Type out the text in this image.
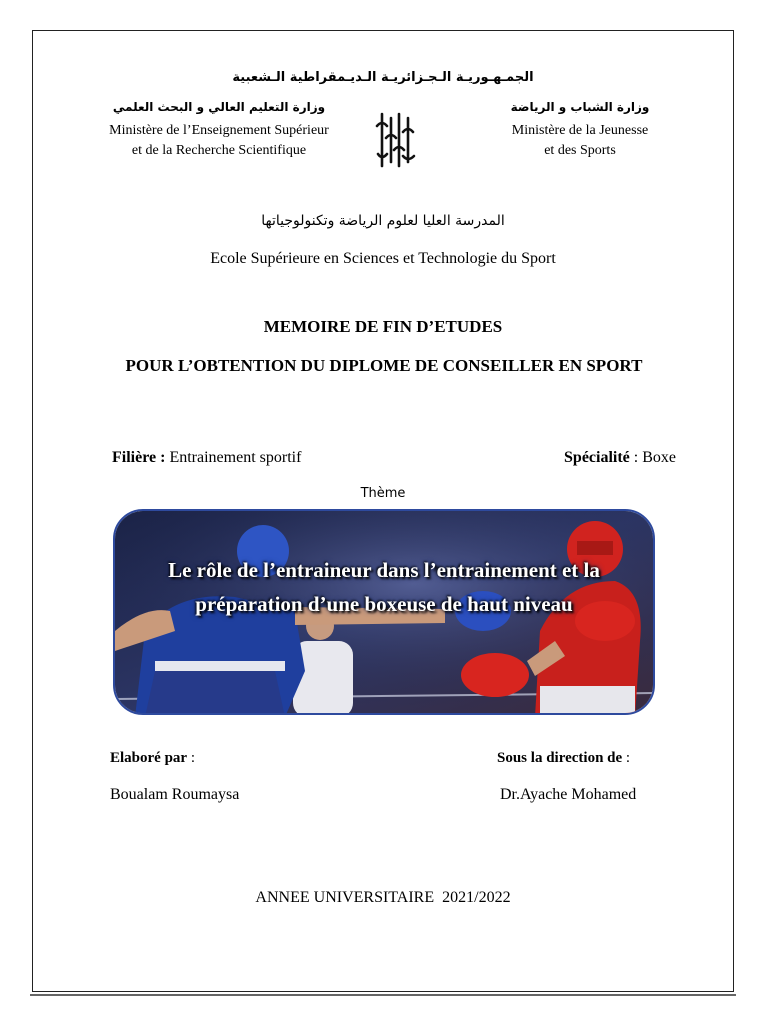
الجمـهـوريـة الـجـزائريـة الـديـمقراطية الـشعبية
وزارة التعليم العالي و البحث العلمي
Ministère de l’Enseignement Supérieur
et de la Recherche Scientifique
وزارة الشباب و الرياضة
Ministère de la Jeunesse
et des Sports
المدرسة العليا لعلوم الرياضة وتكنولوجياتها
Ecole Supérieure en Sciences et Technologie du Sport
MEMOIRE DE FIN D’ETUDES
POUR L’OBTENTION DU DIPLOME DE CONSEILLER EN SPORT
Filière : Entrainement sportif	Spécialité : Boxe
Thème
Le rôle de l’entraineur dans l’entrainement et la préparation d’une boxeuse de haut niveau
Elaboré par :	Sous la direction de :
Boualam Roumaysa	Dr.Ayache Mohamed
ANNEE UNIVERSITAIRE  2021/2022
